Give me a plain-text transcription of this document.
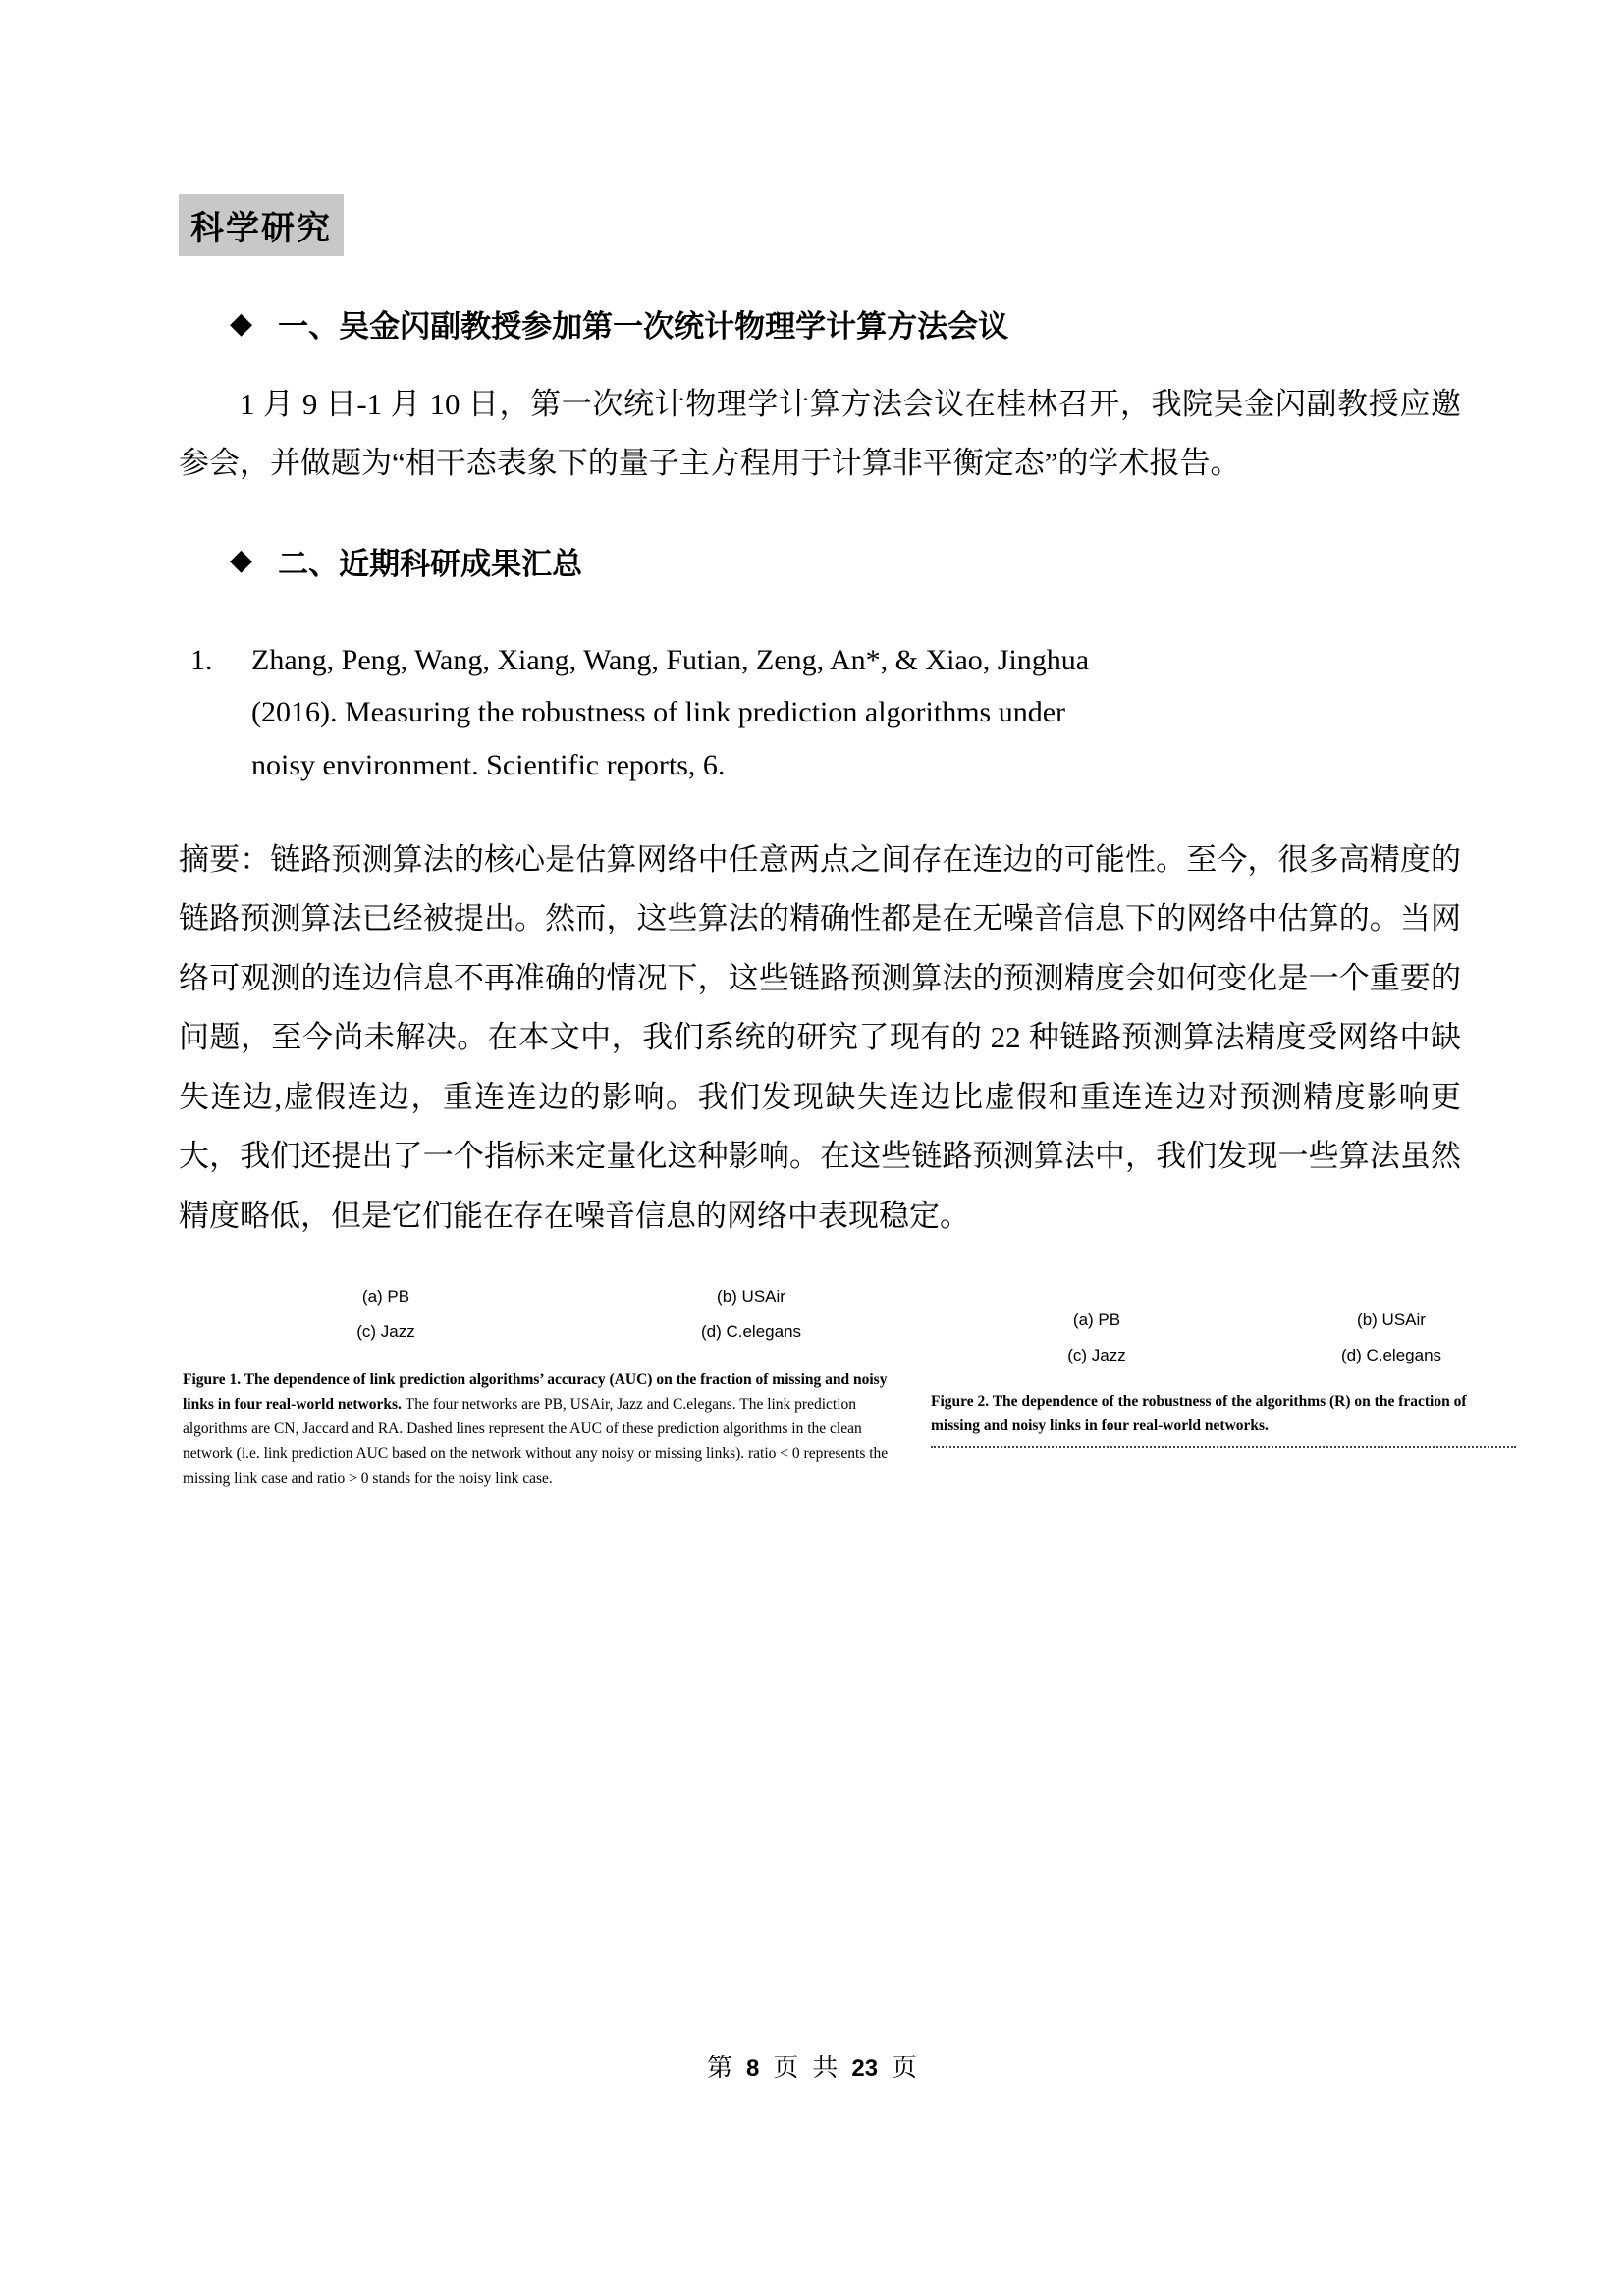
科学研究
◆ 一、吴金闪副教授参加第一次统计物理学计算方法会议
1 月 9 日-1 月 10 日，第一次统计物理学计算方法会议在桂林召开，我院吴金闪副教授应邀参会，并做题为“相干态表象下的量子主方程用于计算非平衡定态”的学术报告。
◆ 二、近期科研成果汇总
1.	Zhang, Peng, Wang, Xiang, Wang, Futian, Zeng, An*, & Xiao, Jinghua (2016). Measuring the robustness of link prediction algorithms under noisy environment. Scientific reports, 6.
摘要：链路预测算法的核心是估算网络中任意两点之间存在连边的可能性。至今，很多高精度的链路预测算法已经被提出。然而，这些算法的精确性都是在无噪音信息下的网络中估算的。当网络可观测的连边信息不再准确的情况下，这些链路预测算法的预测精度会如何变化是一个重要的问题，至今尚未解决。在本文中，我们系统的研究了现有的 22 种链路预测算法精度受网络中缺失连边,虚假连边，重连连边的影响。我们发现缺失连边比虚假和重连连边对预测精度影响更大，我们还提出了一个指标来定量化这种影响。在这些链路预测算法中，我们发现一些算法虽然精度略低，但是它们能在存在噪音信息的网络中表现稳定。
(a) PB	(b) USAir
(c) Jazz	(d) C.elegans
Figure 1. The dependence of link prediction algorithms’ accuracy (AUC) on the fraction of missing and noisy links in four real-world networks. The four networks are PB, USAir, Jazz and C.elegans. The link prediction algorithms are CN, Jaccard and RA. Dashed lines represent the AUC of these prediction algorithms in the clean network (i.e. link prediction AUC based on the network without any noisy or missing links). ratio < 0 represents the missing link case and ratio > 0 stands for the noisy link case.
(a) PB	(b) USAir
(c) Jazz	(d) C.elegans
Figure 2. The dependence of the robustness of the algorithms (R) on the fraction of missing and noisy links in four real-world networks.
第 8 页 共 23 页
